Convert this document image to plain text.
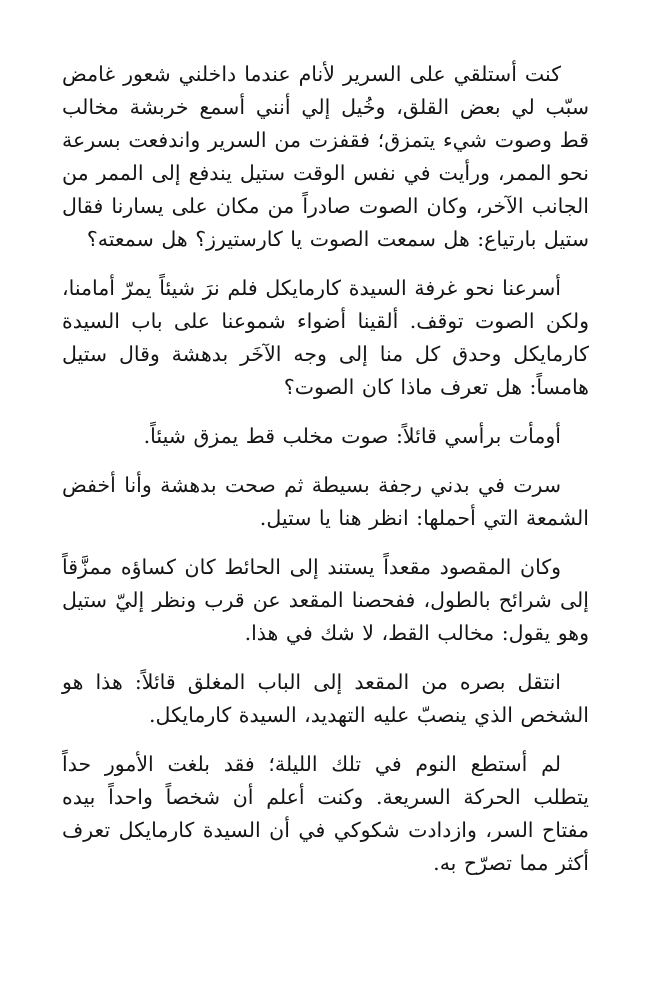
كنت أستلقي على السرير لأنام عندما داخلني شعور غامض سبّب لي بعض القلق، وخُيل إلي أنني أسمع خربشة مخالب قط وصوت شيء يتمزق؛ فقفزت من السرير واندفعت بسرعة نحو الممر، ورأيت في نفس الوقت ستيل يندفع إلى الممر من الجانب الآخر، وكان الصوت صادراً من مكان على يسارنا فقال ستيل بارتياع: هل سمعت الصوت يا كارستيرز؟ هل سمعته؟

أسرعنا نحو غرفة السيدة كارمايكل فلم نرَ شيئاً يمرّ أمامنا، ولكن الصوت توقف. ألقينا أضواء شموعنا على باب السيدة كارمايكل وحدق كل منا إلى وجه الآخَر بدهشة وقال ستيل هامساً: هل تعرف ماذا كان الصوت؟

أومأت برأسي قائلاً: صوت مخلب قط يمزق شيئاً.

سرت في بدني رجفة بسيطة ثم صحت بدهشة وأنا أخفض الشمعة التي أحملها: انظر هنا يا ستيل.

وكان المقصود مقعداً يستند إلى الحائط كان كساؤه ممزَّقاً إلى شرائح بالطول، ففحصنا المقعد عن قرب ونظر إليّ ستيل وهو يقول: مخالب القط، لا شك في هذا.

انتقل بصره من المقعد إلى الباب المغلق قائلاً: هذا هو الشخص الذي ينصبّ عليه التهديد، السيدة كارمايكل.

لم أستطع النوم في تلك الليلة؛ فقد بلغت الأمور حداً يتطلب الحركة السريعة. وكنت أعلم أن شخصاً واحداً بيده مفتاح السر، وازدادت شكوكي في أن السيدة كارمايكل تعرف أكثر مما تصرّح به.
